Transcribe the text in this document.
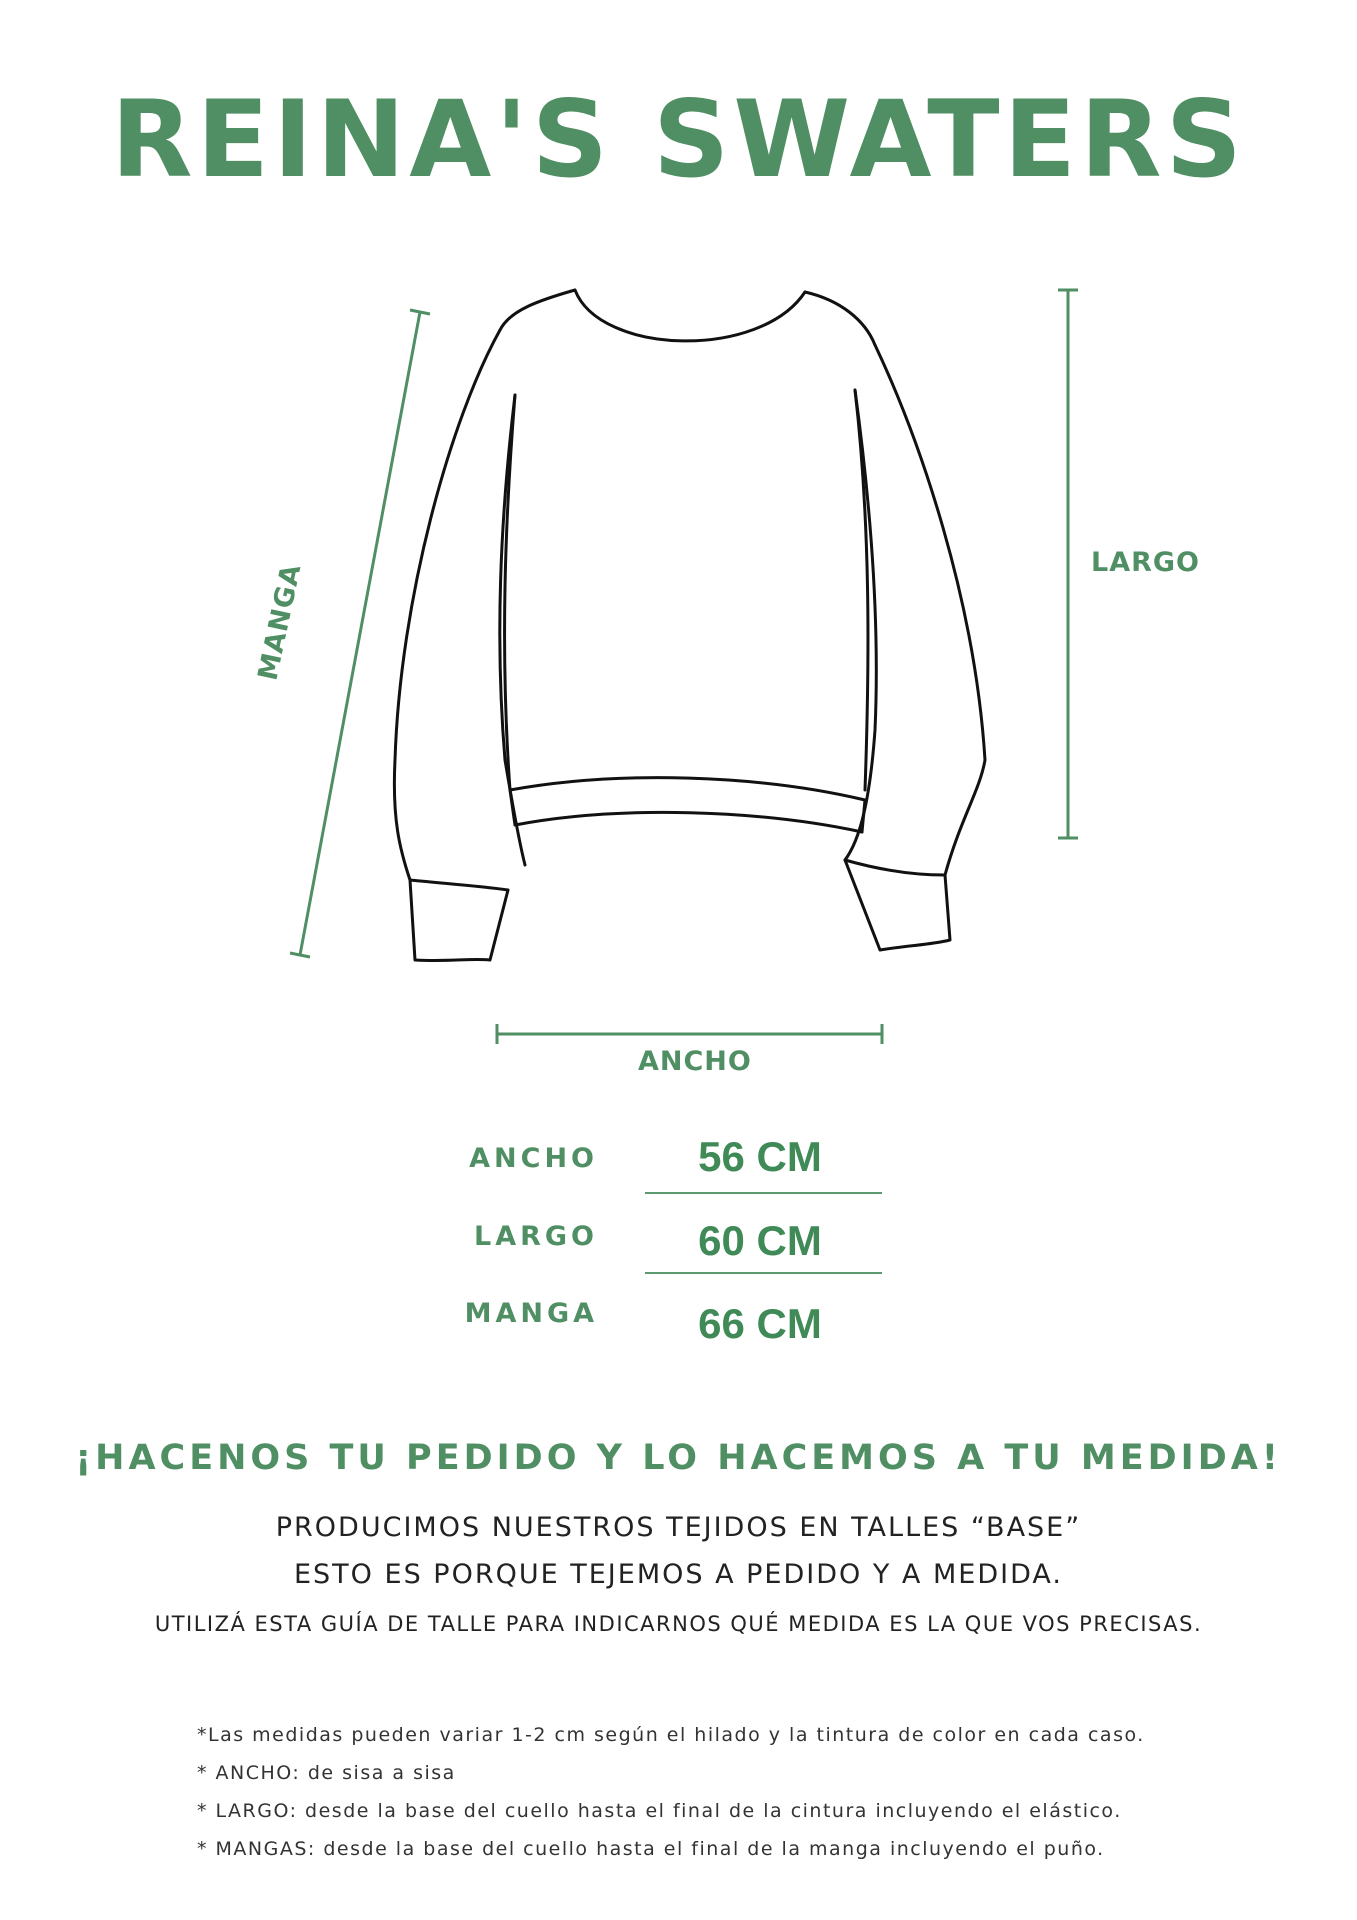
REINA'S SWATERS
MANGA	LARGO
ANCHO
ANCHO	56 CM
LARGO	60 CM
MANGA	66 CM
¡HACENOS TU PEDIDO Y LO HACEMOS A TU MEDIDA!
PRODUCIMOS NUESTROS TEJIDOS EN TALLES “BASE”
ESTO ES PORQUE TEJEMOS A PEDIDO Y A MEDIDA.
UTILIZÁ ESTA GUÍA DE TALLE PARA INDICARNOS QUÉ MEDIDA ES LA QUE VOS PRECISAS.
*Las medidas pueden variar 1-2 cm según el hilado y la tintura de color en cada caso.
* ANCHO: de sisa a sisa
* LARGO: desde la base del cuello hasta el final de la cintura incluyendo el elástico.
* MANGAS: desde la base del cuello hasta el final de la manga incluyendo el puño.
